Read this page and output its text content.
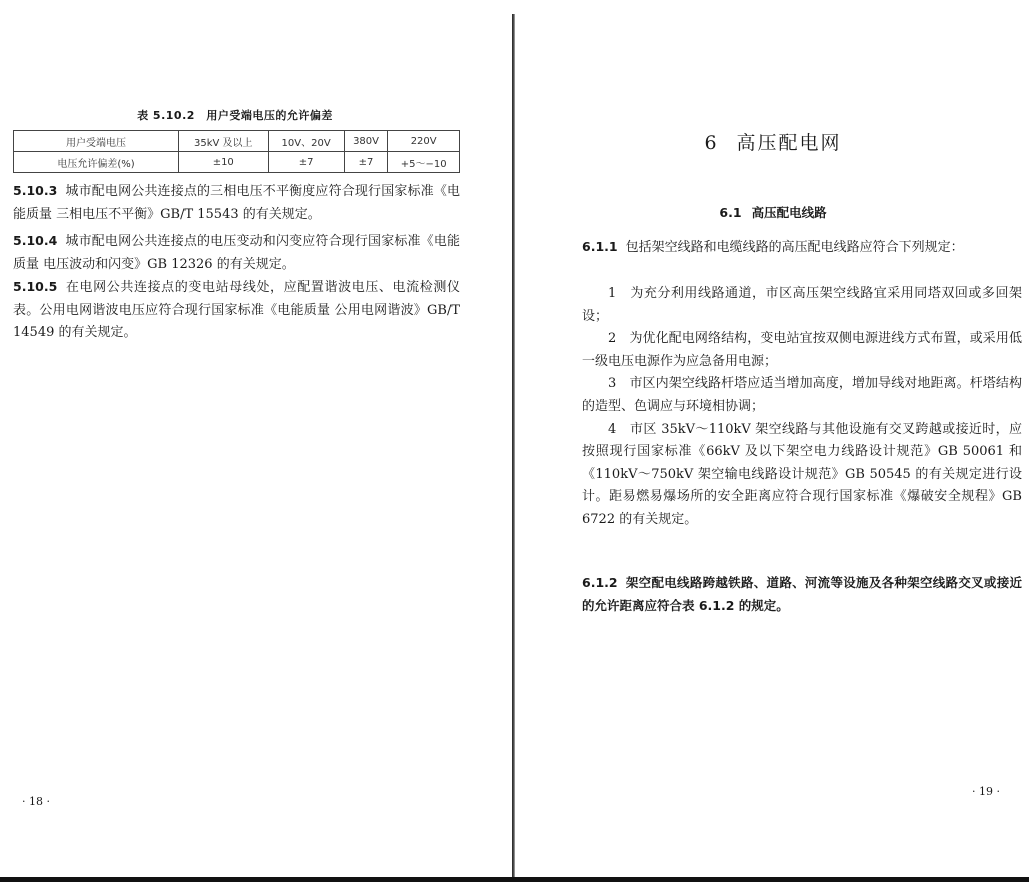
表 5.10.2　用户受端电压的允许偏差
用户受端电压	35kV 及以上	10V、20V	380V	220V
电压允许偏差(%)	±10	±7	±7	+5～−10

5.10.3 城市配电网公共连接点的三相电压不平衡度应符合现行国家标准《电能质量 三相电压不平衡》GB/T 15543 的有关规定。

5.10.4 城市配电网公共连接点的电压变动和闪变应符合现行国家标准《电能质量 电压波动和闪变》GB 12326 的有关规定。

5.10.5 在电网公共连接点的变电站母线处，应配置谐波电压、电流检测仪表。公用电网谐波电压应符合现行国家标准《电能质量 公用电网谐波》GB/T 14549 的有关规定。

· 18 ·
6 高压配电网
6.1 高压配电线路

6.1.1 包括架空线路和电缆线路的高压配电线路应符合下列规定：

1　 为充分利用线路通道，市区高压架空线路宜采用同塔双回或多回架设；

2　 为优化配电网络结构，变电站宜按双侧电源进线方式布置，或采用低一级电压电源作为应急备用电源；

3　 市区内架空线路杆塔应适当增加高度，增加导线对地距离。杆塔结构的造型、色调应与环境相协调；

4　 市区 35kV～110kV 架空线路与其他设施有交叉跨越或接近时，应按照现行国家标准《66kV 及以下架空电力线路设计规范》GB 50061 和《110kV～750kV 架空输电线路设计规范》GB 50545 的有关规定进行设计。距易燃易爆场所的安全距离应符合现行国家标准《爆破安全规程》GB 6722 的有关规定。

6.1.2 架空配电线路跨越铁路、道路、河流等设施及各种架空线路交叉或接近的允许距离应符合表 6.1.2 的规定。

· 19 ·
